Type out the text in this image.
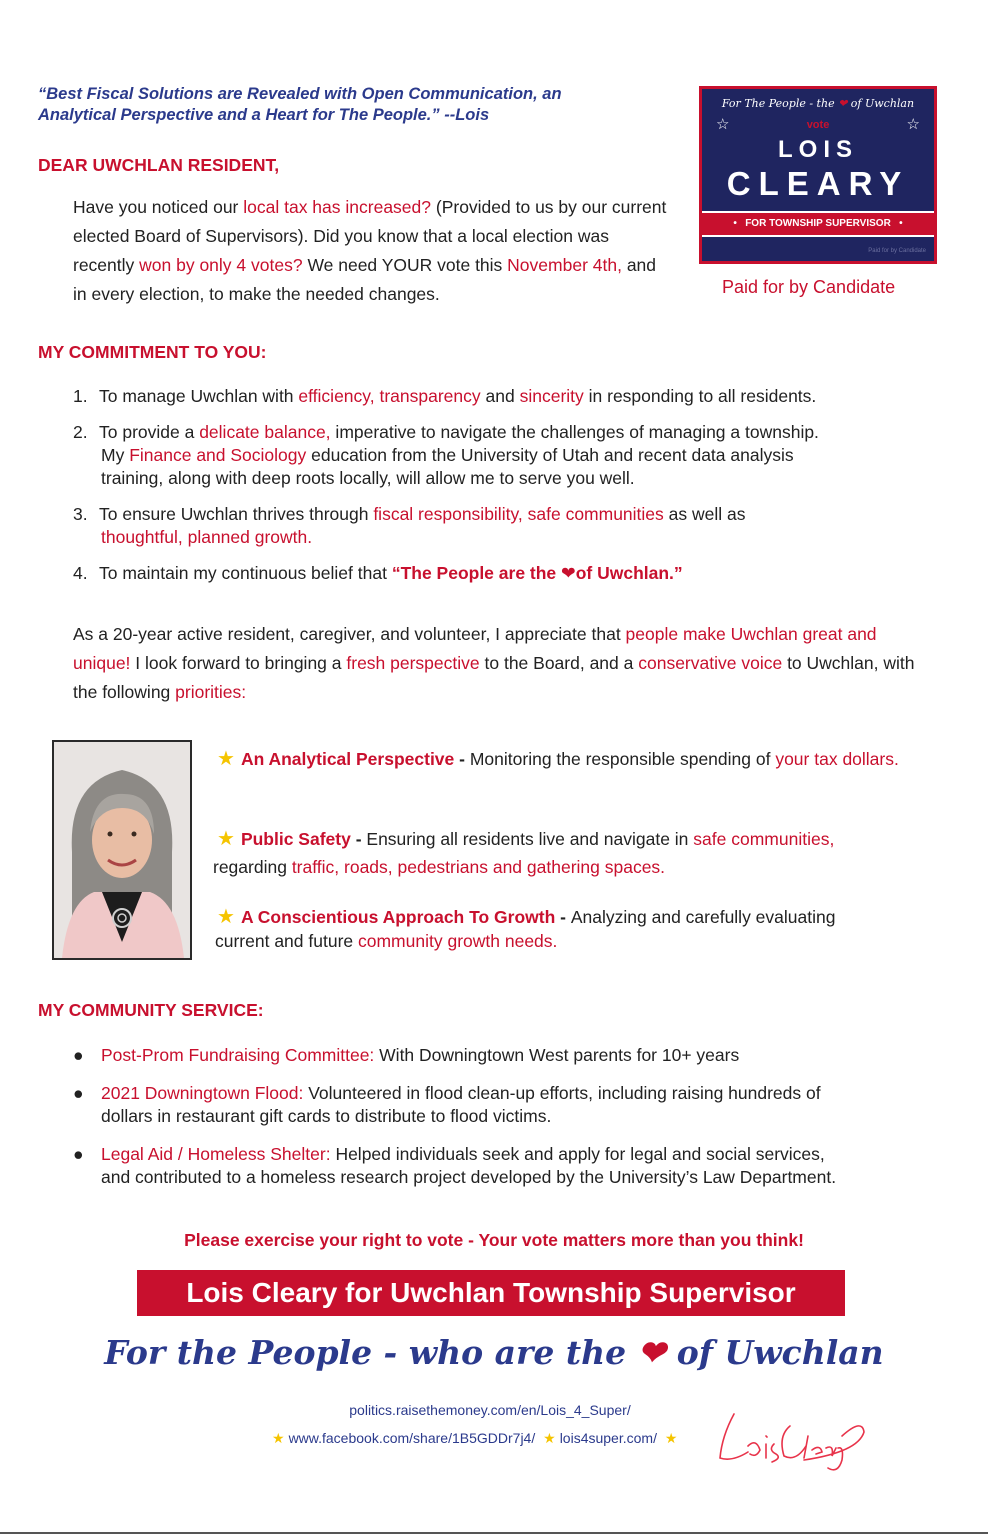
“Best Fiscal Solutions are Revealed with Open Communication, an
Analytical Perspective and a Heart for The People.” --Lois
DEAR UWCHLAN RESIDENT,
Have you noticed our local tax has increased? (Provided to us by our current elected Board of Supervisors). Did you know that a local election was recently won by only 4 votes? We need YOUR vote this November 4th, and in every election, to make the needed changes.
For The People - the ❤ of Uwchlan
☆	☆
vote
LOIS
CLEARY
•   FOR TOWNSHIP SUPERVISOR   •
Paid for by Candidate
Paid for by Candidate
MY COMMITMENT TO YOU:
1. To manage Uwchlan with efficiency, transparency and sincerity in responding to all residents.
2. To provide a delicate balance, imperative to navigate the challenges of managing a township.
My Finance and Sociology education from the University of Utah and recent data analysis
training, along with deep roots locally, will allow me to serve you well.
3. To ensure Uwchlan thrives through fiscal responsibility, safe communities as well as
thoughtful, planned growth.
4. To maintain my continuous belief that “The People are the ❤of Uwchlan.”
As a 20-year active resident, caregiver, and volunteer, I appreciate that people make Uwchlan great and unique! I look forward to bringing a fresh perspective to the Board, and a conservative voice to Uwchlan, with the following priorities:
★ An Analytical Perspective - Monitoring the responsible spending of your tax dollars.
★ Public Safety - Ensuring all residents live and navigate in safe communities, regarding traffic, roads, pedestrians and gathering spaces.
★ A Conscientious Approach To Growth - Analyzing and carefully evaluating
current and future community growth needs.
MY COMMUNITY SERVICE:
● Post-Prom Fundraising Committee: With Downingtown West parents for 10+ years
● 2021 Downingtown Flood: Volunteered in flood clean-up efforts, including raising hundreds of
dollars in restaurant gift cards to distribute to flood victims.
● Legal Aid / Homeless Shelter: Helped individuals seek and apply for legal and social services,
and contributed to a homeless research project developed by the University’s Law Department.
Please exercise your right to vote - Your vote matters more than you think!
Lois Cleary for Uwchlan Township Supervisor
For the People - who are the ❤ of Uwchlan
politics.raisethemoney.com/en/Lois_4_Super/
★ www.facebook.com/share/1B5GDDr7j4/ ★ lois4super.com/ ★
